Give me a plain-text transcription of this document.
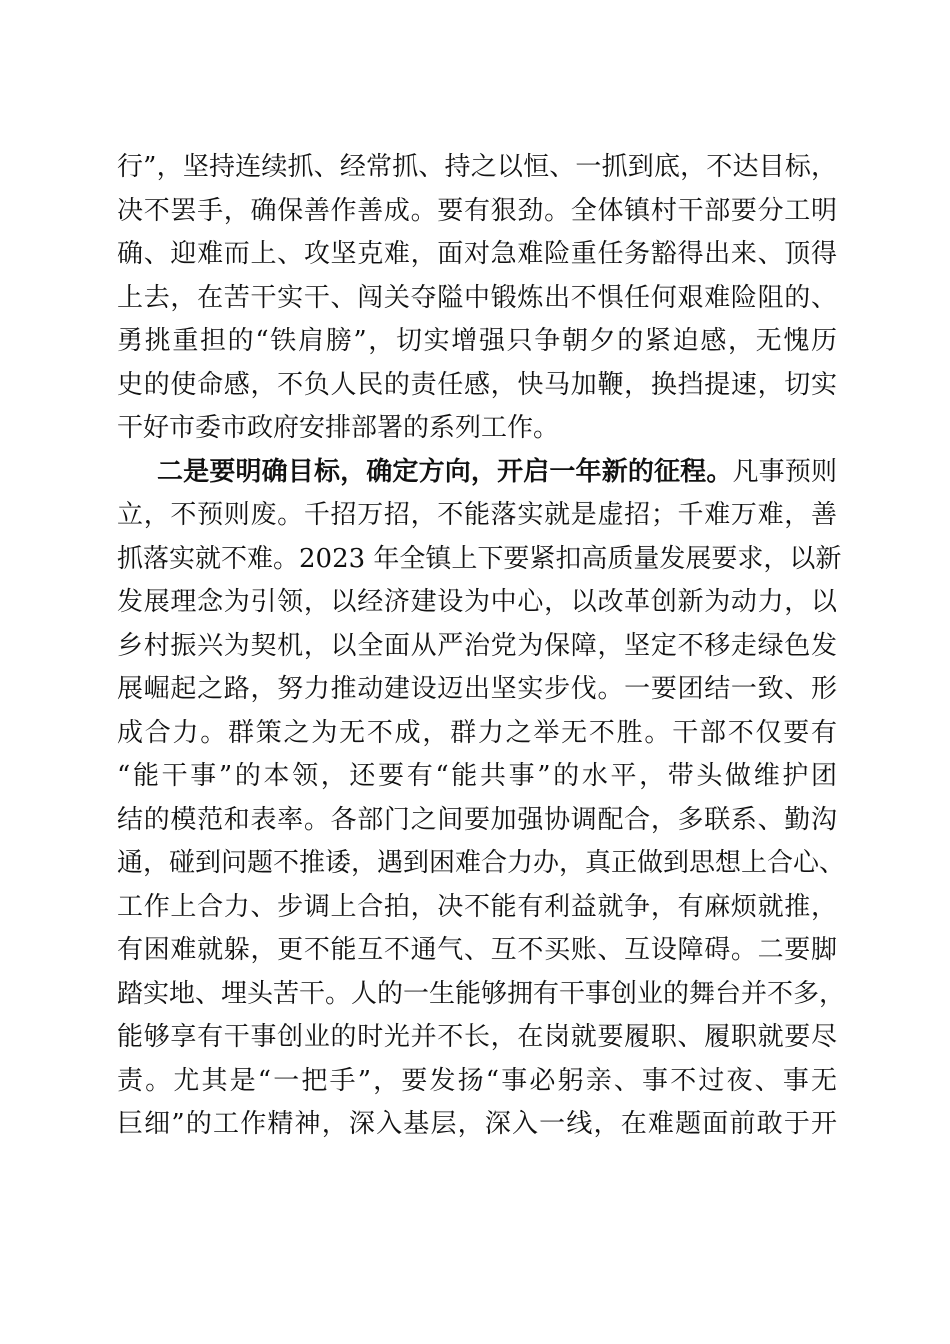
行”，坚持连续抓、经常抓、持之以恒、一抓到底，不达目标，
决不罢手，确保善作善成。要有狠劲。全体镇村干部要分工明
确、迎难而上、攻坚克难，面对急难险重任务豁得出来、顶得
上去，在苦干实干、闯关夺隘中锻炼出不惧任何艰难险阻的、
勇挑重担的“铁肩膀”，切实增强只争朝夕的紧迫感，无愧历
史的使命感，不负人民的责任感，快马加鞭，换挡提速，切实
干好市委市政府安排部署的系列工作。
二是要明确目标，确定方向，开启一年新的征程。凡事预则
立，不预则废。千招万招，不能落实就是虚招；千难万难，善
抓落实就不难。2023 年全镇上下要紧扣高质量发展要求，以新
发展理念为引领，以经济建设为中心，以改革创新为动力，以
乡村振兴为契机，以全面从严治党为保障，坚定不移走绿色发
展崛起之路，努力推动建设迈出坚实步伐。一要团结一致、形
成合力。群策之为无不成，群力之举无不胜。干部不仅要有
“能干事”的本领，还要有“能共事”的水平，带头做维护团
结的模范和表率。各部门之间要加强协调配合，多联系、勤沟
通，碰到问题不推诿，遇到困难合力办，真正做到思想上合心、
工作上合力、步调上合拍，决不能有利益就争，有麻烦就推，
有困难就躲，更不能互不通气、互不买账、互设障碍。二要脚
踏实地、埋头苦干。人的一生能够拥有干事创业的舞台并不多，
能够享有干事创业的时光并不长，在岗就要履职、履职就要尽
责。尤其是“一把手”，要发扬“事必躬亲、事不过夜、事无
巨细”的工作精神，深入基层，深入一线，在难题面前敢于开
